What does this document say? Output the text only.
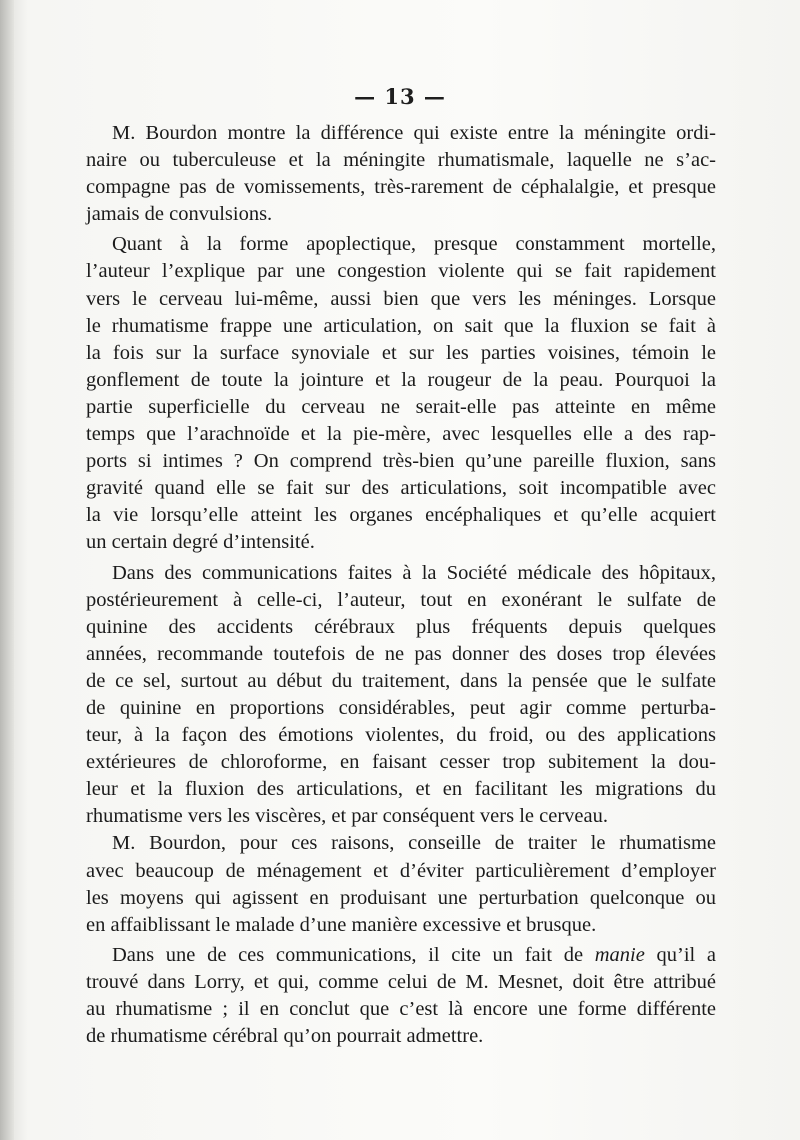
— 13 —
M. Bourdon montre la différence qui existe entre la méningite ordi-
naire ou tuberculeuse et la méningite rhumatismale, laquelle ne s’ac-
compagne pas de vomissements, très-rarement de céphalalgie, et presque
jamais de convulsions.
Quant à la forme apoplectique, presque constamment mortelle,
l’auteur l’explique par une congestion violente qui se fait rapidement
vers le cerveau lui-même, aussi bien que vers les méninges. Lorsque
le rhumatisme frappe une articulation, on sait que la fluxion se fait à
la fois sur la surface synoviale et sur les parties voisines, témoin le
gonflement de toute la jointure et la rougeur de la peau. Pourquoi la
partie superficielle du cerveau ne serait-elle pas atteinte en même
temps que l’arachnoïde et la pie-mère, avec lesquelles elle a des rap-
ports si intimes ? On comprend très-bien qu’une pareille fluxion, sans
gravité quand elle se fait sur des articulations, soit incompatible avec
la vie lorsqu’elle atteint les organes encéphaliques et qu’elle acquiert
un certain degré d’intensité.
Dans des communications faites à la Société médicale des hôpitaux,
postérieurement à celle-ci, l’auteur, tout en exonérant le sulfate de
quinine des accidents cérébraux plus fréquents depuis quelques
années, recommande toutefois de ne pas donner des doses trop élevées
de ce sel, surtout au début du traitement, dans la pensée que le sulfate
de quinine en proportions considérables, peut agir comme perturba-
teur, à la façon des émotions violentes, du froid, ou des applications
extérieures de chloroforme, en faisant cesser trop subitement la dou-
leur et la fluxion des articulations, et en facilitant les migrations du
rhumatisme vers les viscères, et par conséquent vers le cerveau.
M. Bourdon, pour ces raisons, conseille de traiter le rhumatisme
avec beaucoup de ménagement et d’éviter particulièrement d’employer
les moyens qui agissent en produisant une perturbation quelconque ou
en affaiblissant le malade d’une manière excessive et brusque.
Dans une de ces communications, il cite un fait de manie qu’il a
trouvé dans Lorry, et qui, comme celui de M. Mesnet, doit être attribué
au rhumatisme ; il en conclut que c’est là encore une forme différente
de rhumatisme cérébral qu’on pourrait admettre.
